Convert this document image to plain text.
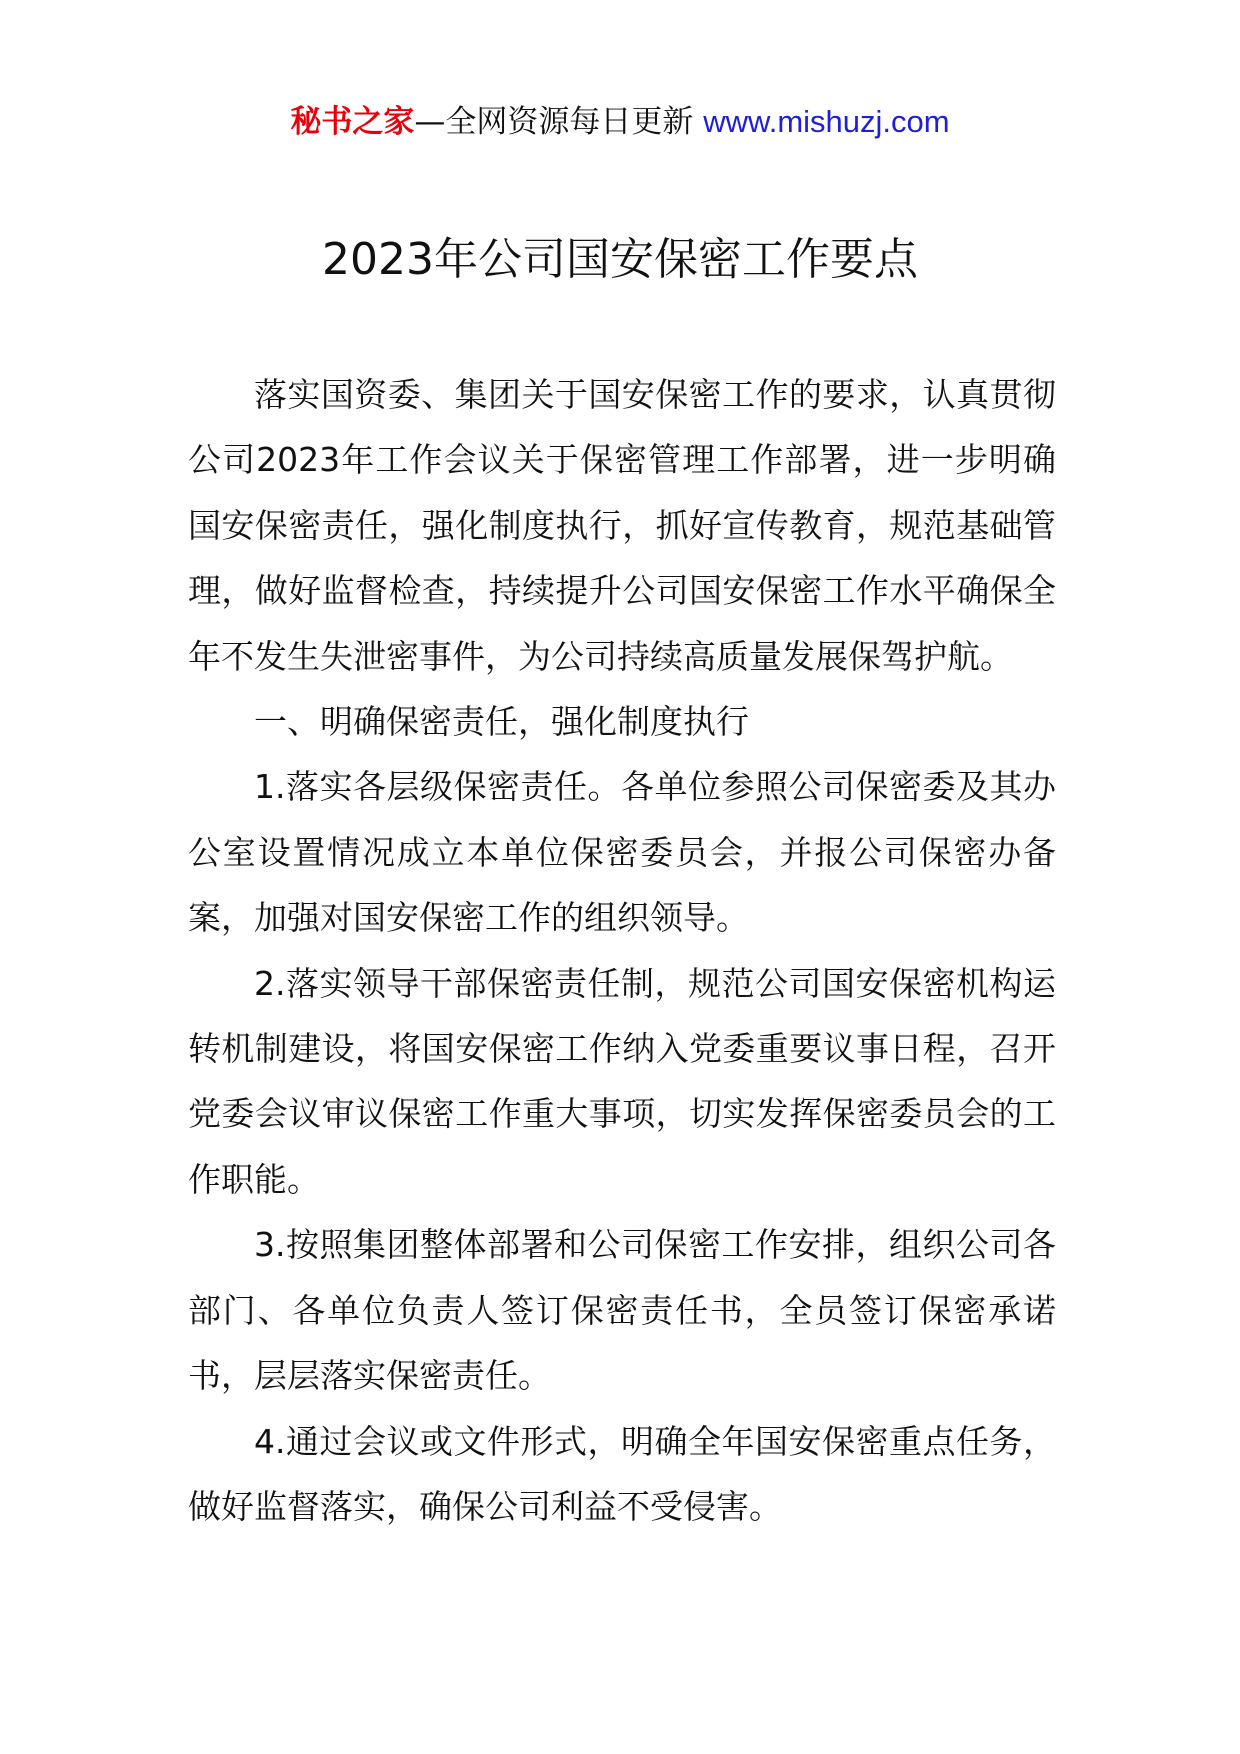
秘书之家—全网资源每日更新 www.mishuzj.com
2023年公司国安保密工作要点

落实国资委、集团关于国安保密工作的要求，认真贯彻公司2023年工作会议关于保密管理工作部署，进一步明确国安保密责任，强化制度执行，抓好宣传教育，规范基础管理，做好监督检查，持续提升公司国安保密工作水平确保全年不发生失泄密事件，为公司持续高质量发展保驾护航。

一、明确保密责任，强化制度执行

1.落实各层级保密责任。各单位参照公司保密委及其办公室设置情况成立本单位保密委员会，并报公司保密办备案，加强对国安保密工作的组织领导。

2.落实领导干部保密责任制，规范公司国安保密机构运转机制建设，将国安保密工作纳入党委重要议事日程，召开党委会议审议保密工作重大事项，切实发挥保密委员会的工作职能。

3.按照集团整体部署和公司保密工作安排，组织公司各部门、各单位负责人签订保密责任书，全员签订保密承诺书，层层落实保密责任。

4.通过会议或文件形式，明确全年国安保密重点任务，做好监督落实，确保公司利益不受侵害。
